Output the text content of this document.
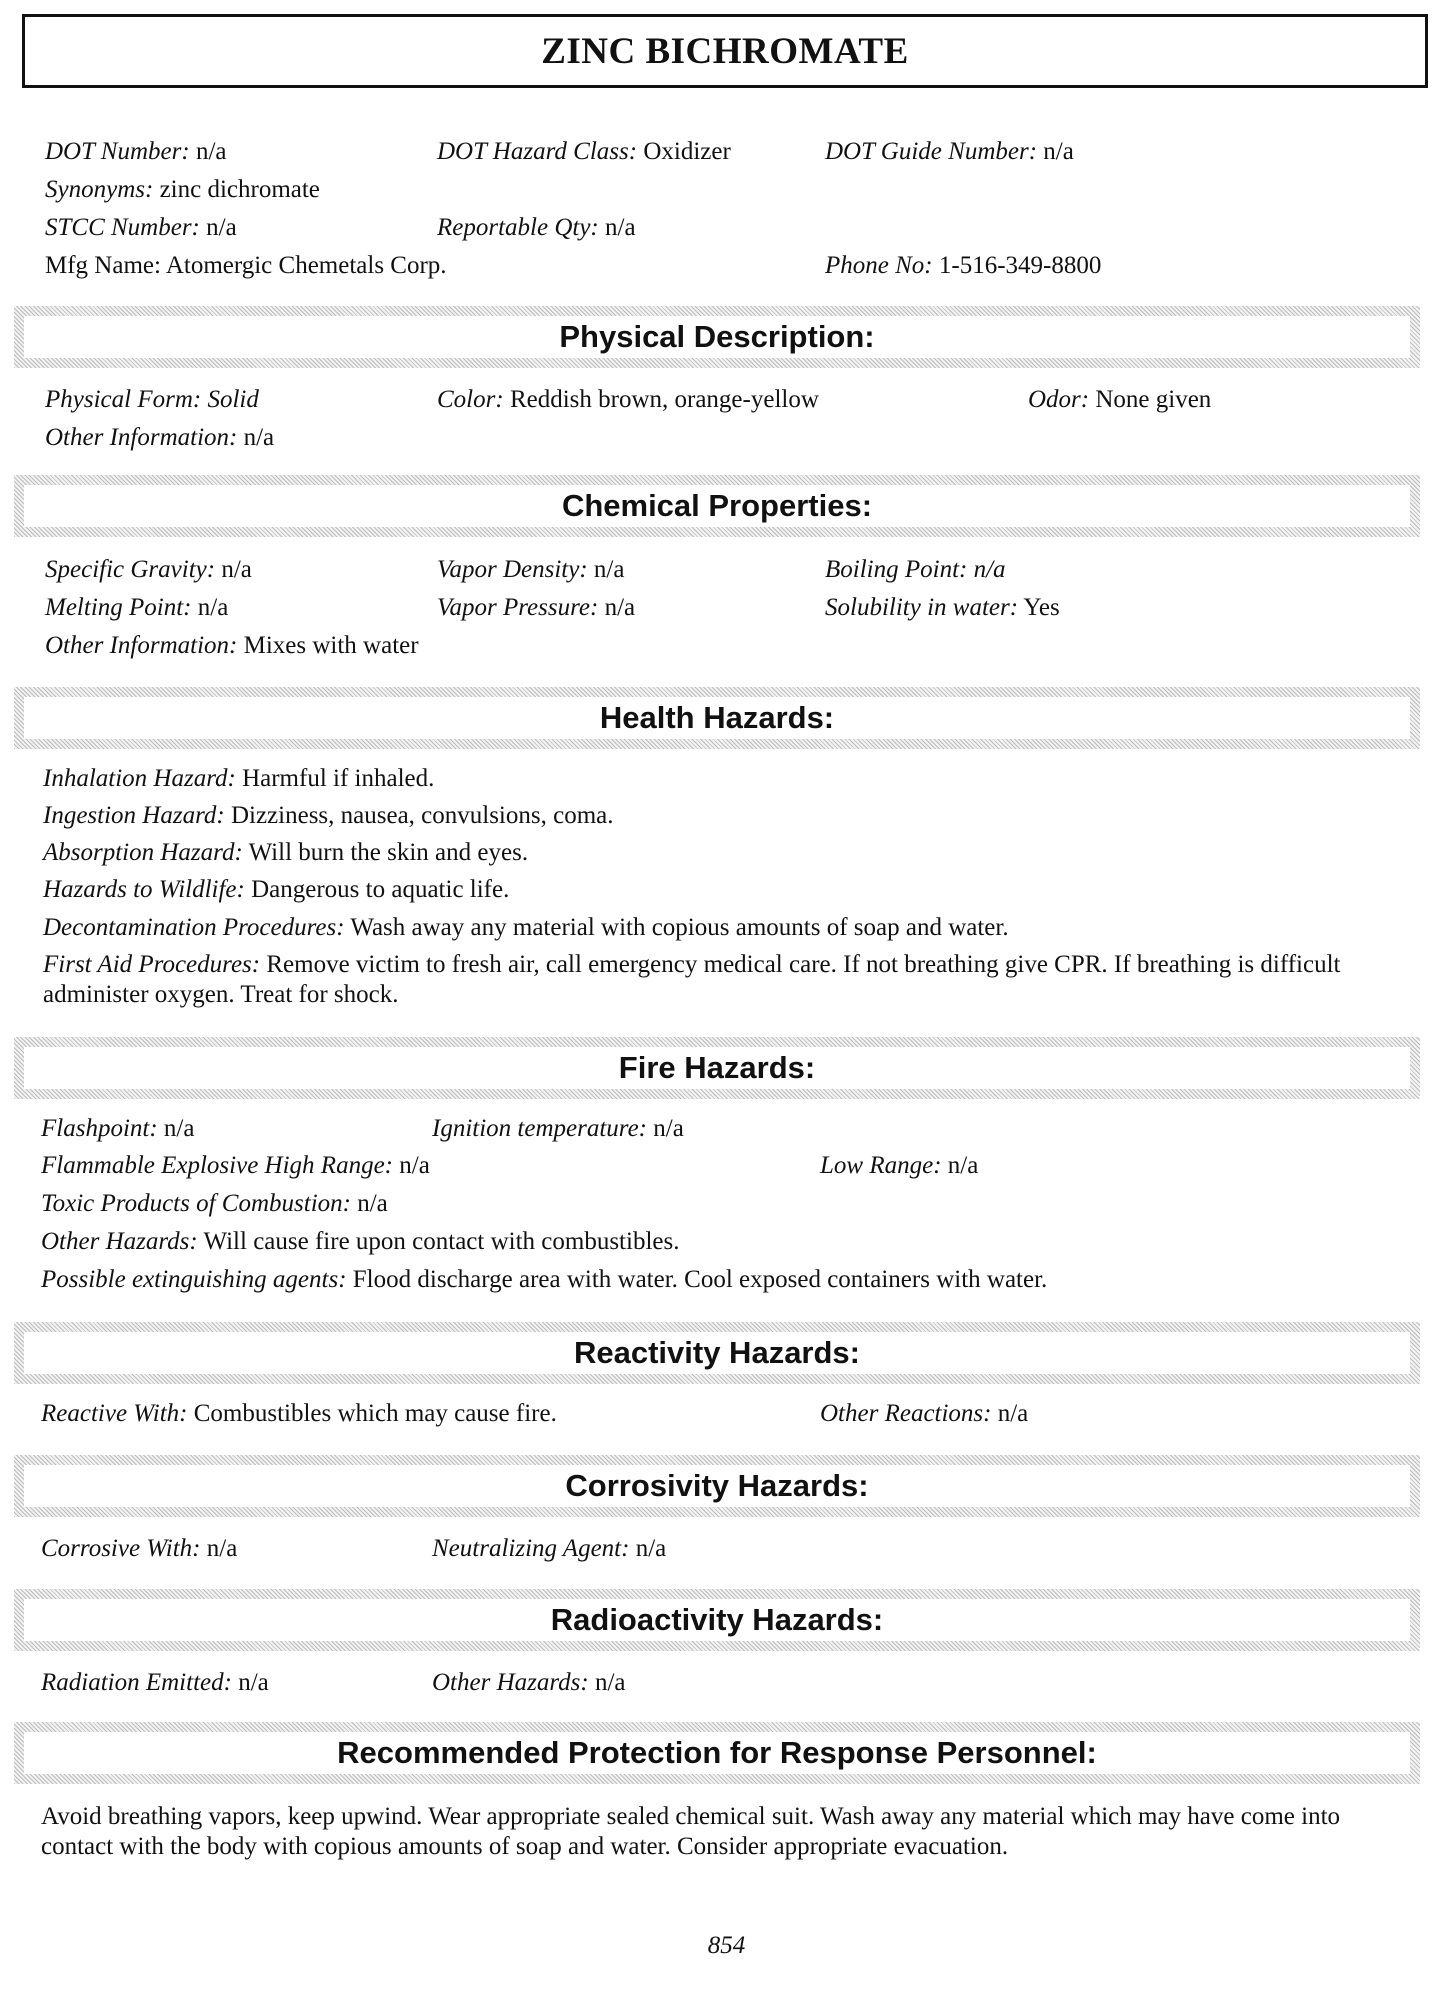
ZINC BICHROMATE
DOT Number: n/a	DOT Hazard Class: Oxidizer	DOT Guide Number: n/a
Synonyms: zinc dichromate
STCC Number: n/a	Reportable Qty: n/a
Mfg Name: Atomergic Chemetals Corp.	Phone No: 1-516-349-8800
Physical Description:
Physical Form: Solid	Color: Reddish brown, orange-yellow	Odor: None given
Other Information: n/a
Chemical Properties:
Specific Gravity: n/a	Vapor Density: n/a	Boiling Point: n/a
Melting Point: n/a	Vapor Pressure: n/a	Solubility in water: Yes
Other Information: Mixes with water
Health Hazards:
Inhalation Hazard: Harmful if inhaled.
Ingestion Hazard: Dizziness, nausea, convulsions, coma.
Absorption Hazard: Will burn the skin and eyes.
Hazards to Wildlife: Dangerous to aquatic life.
Decontamination Procedures: Wash away any material with copious amounts of soap and water.
First Aid Procedures: Remove victim to fresh air, call emergency medical care. If not breathing give CPR. If breathing is difficult administer oxygen. Treat for shock.
Fire Hazards:
Flashpoint: n/a	Ignition temperature: n/a
Flammable Explosive High Range: n/a	Low Range: n/a
Toxic Products of Combustion: n/a
Other Hazards: Will cause fire upon contact with combustibles.
Possible extinguishing agents: Flood discharge area with water. Cool exposed containers with water.
Reactivity Hazards:
Reactive With: Combustibles which may cause fire.	Other Reactions: n/a
Corrosivity Hazards:
Corrosive With: n/a	Neutralizing Agent: n/a
Radioactivity Hazards:
Radiation Emitted: n/a	Other Hazards: n/a
Recommended Protection for Response Personnel:
Avoid breathing vapors, keep upwind. Wear appropriate sealed chemical suit. Wash away any material which may have come into contact with the body with copious amounts of soap and water. Consider appropriate evacuation.
854
